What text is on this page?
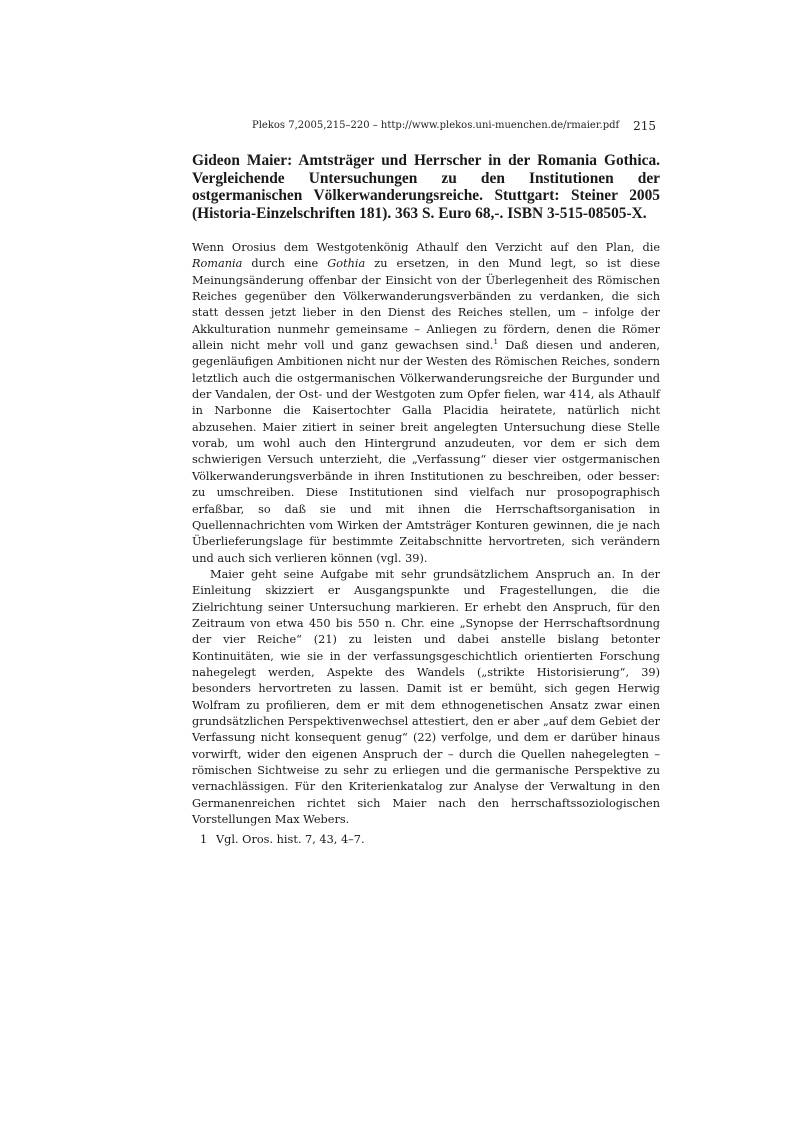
Plekos 7,2005,215–220 – http://www.plekos.uni-muenchen.de/rmaier.pdf 215
Gideon Maier: Amtsträger und Herrscher in der Romania Gothica. Vergleichende Untersuchungen zu den Institutionen der ostgermanischen Völkerwanderungsreiche. Stuttgart: Steiner 2005 (Historia-Einzelschriften 181). 363 S. Euro 68,-. ISBN 3-515-08505-X.

Wenn Orosius dem Westgotenkönig Athaulf den Verzicht auf den Plan, die Romania durch eine Gothia zu ersetzen, in den Mund legt, so ist diese Meinungsänderung offenbar der Einsicht von der Überlegenheit des Römischen Reiches gegenüber den Völkerwanderungsverbänden zu verdanken, die sich statt dessen jetzt lieber in den Dienst des Reiches stellen, um – infolge der Akkulturation nunmehr gemeinsame – Anliegen zu fördern, denen die Römer allein nicht mehr voll und ganz gewachsen sind.$^1$ Daß diesen und anderen, gegenläufigen Ambitionen nicht nur der Westen des Römischen Reiches, sondern letztlich auch die ostgermanischen Völkerwanderungsreiche der Burgunder und der Vandalen, der Ost- und der Westgoten zum Opfer fielen, war 414, als Athaulf in Narbonne die Kaisertochter Galla Placidia heiratete, natürlich nicht abzusehen. Maier zitiert in seiner breit angelegten Untersuchung diese Stelle vorab, um wohl auch den Hintergrund anzudeuten, vor dem er sich dem schwierigen Versuch unterzieht, die „Verfassung“ dieser vier ostgermanischen Völkerwanderungsverbände in ihren Institutionen zu beschreiben, oder besser: zu umschreiben. Diese Institutionen sind vielfach nur prosopographisch erfaßbar, so daß sie und mit ihnen die Herrschaftsorganisation in Quellennachrichten vom Wirken der Amtsträger Konturen gewinnen, die je nach Überlieferungslage für bestimmte Zeitabschnitte hervortreten, sich verändern und auch sich verlieren können (vgl. 39).

Maier geht seine Aufgabe mit sehr grundsätzlichem Anspruch an. In der Einleitung skizziert er Ausgangspunkte und Fragestellungen, die die Zielrichtung seiner Untersuchung markieren. Er erhebt den Anspruch, für den Zeitraum von etwa 450 bis 550 n. Chr. eine „Synopse der Herrschaftsordnung der vier Reiche“ (21) zu leisten und dabei anstelle bislang betonter Kontinuitäten, wie sie in der verfassungsgeschichtlich orientierten Forschung nahegelegt werden, Aspekte des Wandels („strikte Historisierung“, 39) besonders hervortreten zu lassen. Damit ist er bemüht, sich gegen Herwig Wolfram zu profilieren, dem er mit dem ethnogenetischen Ansatz zwar einen grundsätzlichen Perspektivenwechsel attestiert, den er aber „auf dem Gebiet der Verfassung nicht konsequent genug“ (22) verfolge, und dem er darüber hinaus vorwirft, wider den eigenen Anspruch der – durch die Quellen nahegelegten – römischen Sichtweise zu sehr zu erliegen und die germanische Perspektive zu vernachlässigen. Für den Kriterienkatalog zur Analyse der Verwaltung in den Germanenreichen richtet sich Maier nach den herrschaftssoziologischen Vorstellungen Max Webers.

1 Vgl. Oros. hist. 7, 43, 4–7.
